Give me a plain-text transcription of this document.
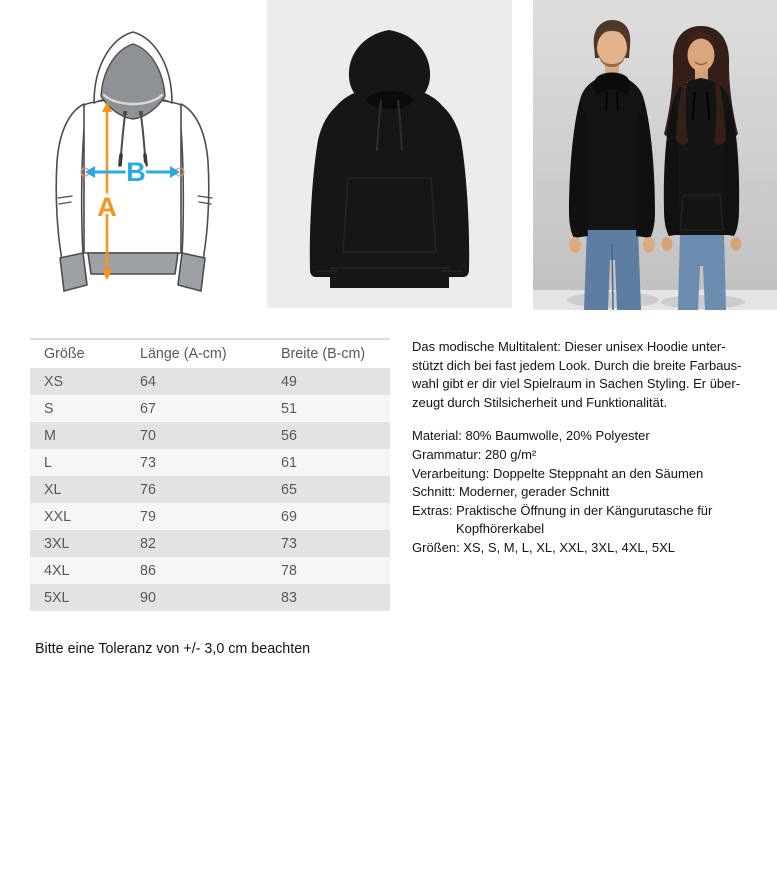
B
A
Größe	Länge (A-cm)	Breite (B-cm)
XS	64	49
S	67	51
M	70	56
L	73	61
XL	76	65
XXL	79	69
3XL	82	73
4XL	86	78
5XL	90	83
Das modische Multitalent: Dieser unisex Hoodie unter-
stützt dich bei fast jedem Look. Durch die breite Farbaus-
wahl gibt er dir viel Spielraum in Sachen Styling. Er über-
zeugt durch Stilsicherheit und Funktionalität.
Material: 80% Baumwolle, 20% Polyester
Grammatur: 280 g/m²
Verarbeitung: Doppelte Steppnaht an den Säumen
Schnitt: Moderner, gerader Schnitt
Extras: Praktische Öffnung in der Kängurutasche für
Kopfhörerkabel
Größen: XS, S, M, L, XL, XXL, 3XL, 4XL, 5XL

Bitte eine Toleranz von +/- 3,0 cm beachten
